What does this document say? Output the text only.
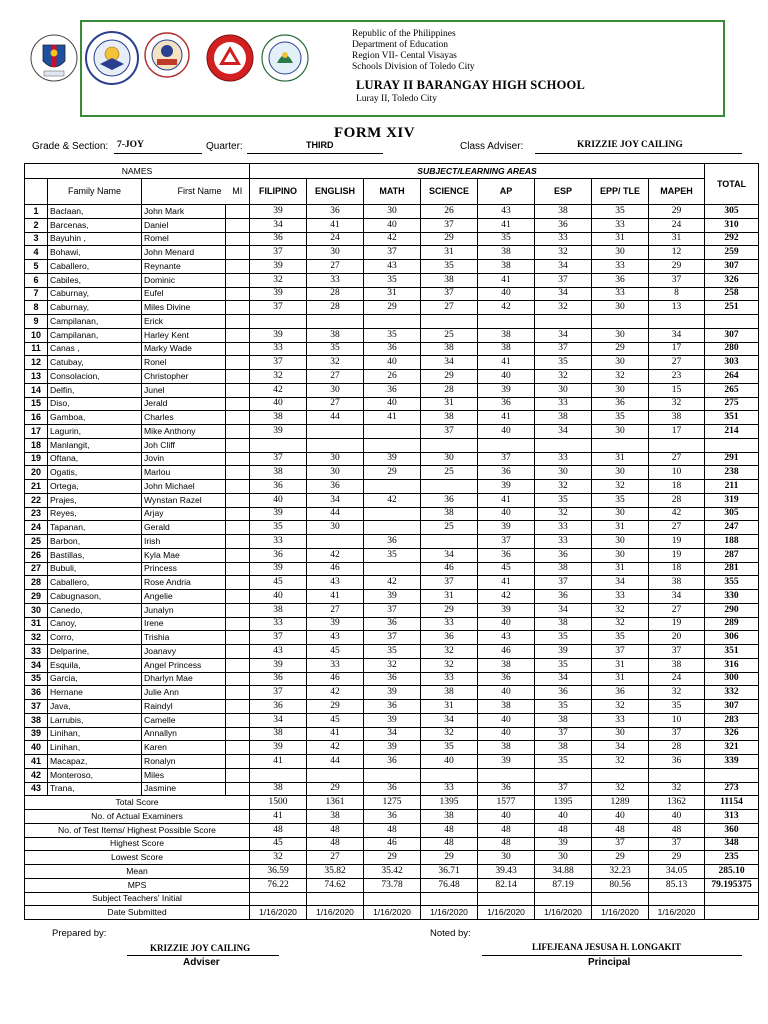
Republic of the Philippines
Department of Education
Region VII- Cental Visayas
Schools Division of Toledo City
LURAY II BARANGAY HIGH SCHOOL
Luray II, Toledo City
FORM XIV
Grade & Section: 7-JOY	Quarter:	THIRD	Class Adviser:	KRIZZIE JOY CAILING
NAMES				SUBJECT/LEARNING AREAS								TOTAL
	Family Name	First Name	MI	FILIPINO	ENGLISH	MATH	SCIENCE	AP	ESP	EPP/ TLE	MAPEH	
1	Baclaan,	John Mark		39	36	30	26	43	38	35	29	305
2	Barcenas,	Daniel		34	41	40	37	41	36	33	24	310
3	Bayuhin ,	Romel		36	24	42	29	35	33	31	31	292
4	Bohawi,	John Menard		37	30	37	31	38	32	30	12	259
5	Caballero,	Reynante		39	27	43	35	38	34	33	29	307
6	Cabiles,	Dominic		32	33	35	38	41	37	36	37	326
7	Caburnay,	Eufel		39	28	31	37	40	34	33	8	258
8	Caburnay,	Miles Divine		37	28	29	27	42	32	30	13	251
9	Campilanan,	Erick										
10	Campilanan,	Harley Kent		39	38	35	25	38	34	30	34	307
11	Canas ,	Marky Wade		33	35	36	38	38	37	29	17	280
12	Catubay,	Ronel		37	32	40	34	41	35	30	27	303
13	Consolacion,	Christopher		32	27	26	29	40	32	32	23	264
14	Delfin,	Junel		42	30	36	28	39	30	30	15	265
15	Diso,	Jerald		40	27	40	31	36	33	36	32	275
16	Gamboa,	Charles		38	44	41	38	41	38	35	38	351
17	Lagurin,	Mike Anthony		39			37	40	34	30	17	214
18	Manlangit,	Joh Cliff										
19	Oftana,	Jovin		37	30	39	30	37	33	31	27	291
20	Ogatis,	Marlou		38	30	29	25	36	30	30	10	238
21	Ortega,	John Michael		36	36			39	32	32	18	211
22	Prajes,	Wynstan Razel		40	34	42	36	41	35	35	28	319
23	Reyes,	Arjay		39	44		38	40	32	30	42	305
24	Tapanan,	Gerald		35	30		25	39	33	31	27	247
25	Barbon,	Irish		33		36		37	33	30	19	188
26	Bastillas,	Kyla Mae		36	42	35	34	36	36	30	19	287
27	Bubuli,	Princess		39	46		46	45	38	31	18	281
28	Caballero,	Rose Andria		45	43	42	37	41	37	34	38	355
29	Cabugnason,	Angelie		40	41	39	31	42	36	33	34	330
30	Canedo,	Junalyn		38	27	37	29	39	34	32	27	290
31	Canoy,	Irene		33	39	36	33	40	38	32	19	289
32	Corro,	Trishia		37	43	37	36	43	35	35	20	306
33	Delparine,	Joanavy		43	45	35	32	46	39	37	37	351
34	Esquila,	Angel Princess		39	33	32	32	38	35	31	38	316
35	Garcia,	Dharlyn Mae		36	46	36	33	36	34	31	24	300
36	Hernane	Julie Ann		37	42	39	38	40	36	36	32	332
37	Java,	Raindyl		36	29	36	31	38	35	32	35	307
38	Larrubis,	Camelle		34	45	39	34	40	38	33	10	283
39	Linihan,	Annallyn		38	41	34	32	40	37	30	37	326
40	Linihan,	Karen		39	42	39	35	38	38	34	28	321
41	Macapaz,	Ronalyn		41	44	36	40	39	35	32	36	339
42	Monteroso,	Miles										
43	Trana,	Jasmine		38	29	36	33	36	37	32	32	273
Total Score				1500	1361	1275	1395	1577	1395	1289	1362	11154
No. of Actual Examiners				41	38	36	38	40	40	40	40	313
No. of Test Items/ Highest Possible Score				48	48	48	48	48	48	48	48	360
Highest Score				45	48	46	48	48	39	37	37	348
Lowest Score				32	27	29	29	30	30	29	29	235
Mean				36.59	35.82	35.42	36.71	39.43	34.88	32.23	34.05	285.10
MPS				76.22	74.62	73.78	76.48	82.14	87.19	80.56	85.13	79.195375
Subject Teachers' Initial												
Date Submitted				1/16/2020	1/16/2020	1/16/2020	1/16/2020	1/16/2020	1/16/2020	1/16/2020	1/16/2020	
Prepared by:
KRIZZIE JOY CAILING
Adviser
Noted by:
LIFEJEANA JESUSA H. LONGAKIT
Principal
